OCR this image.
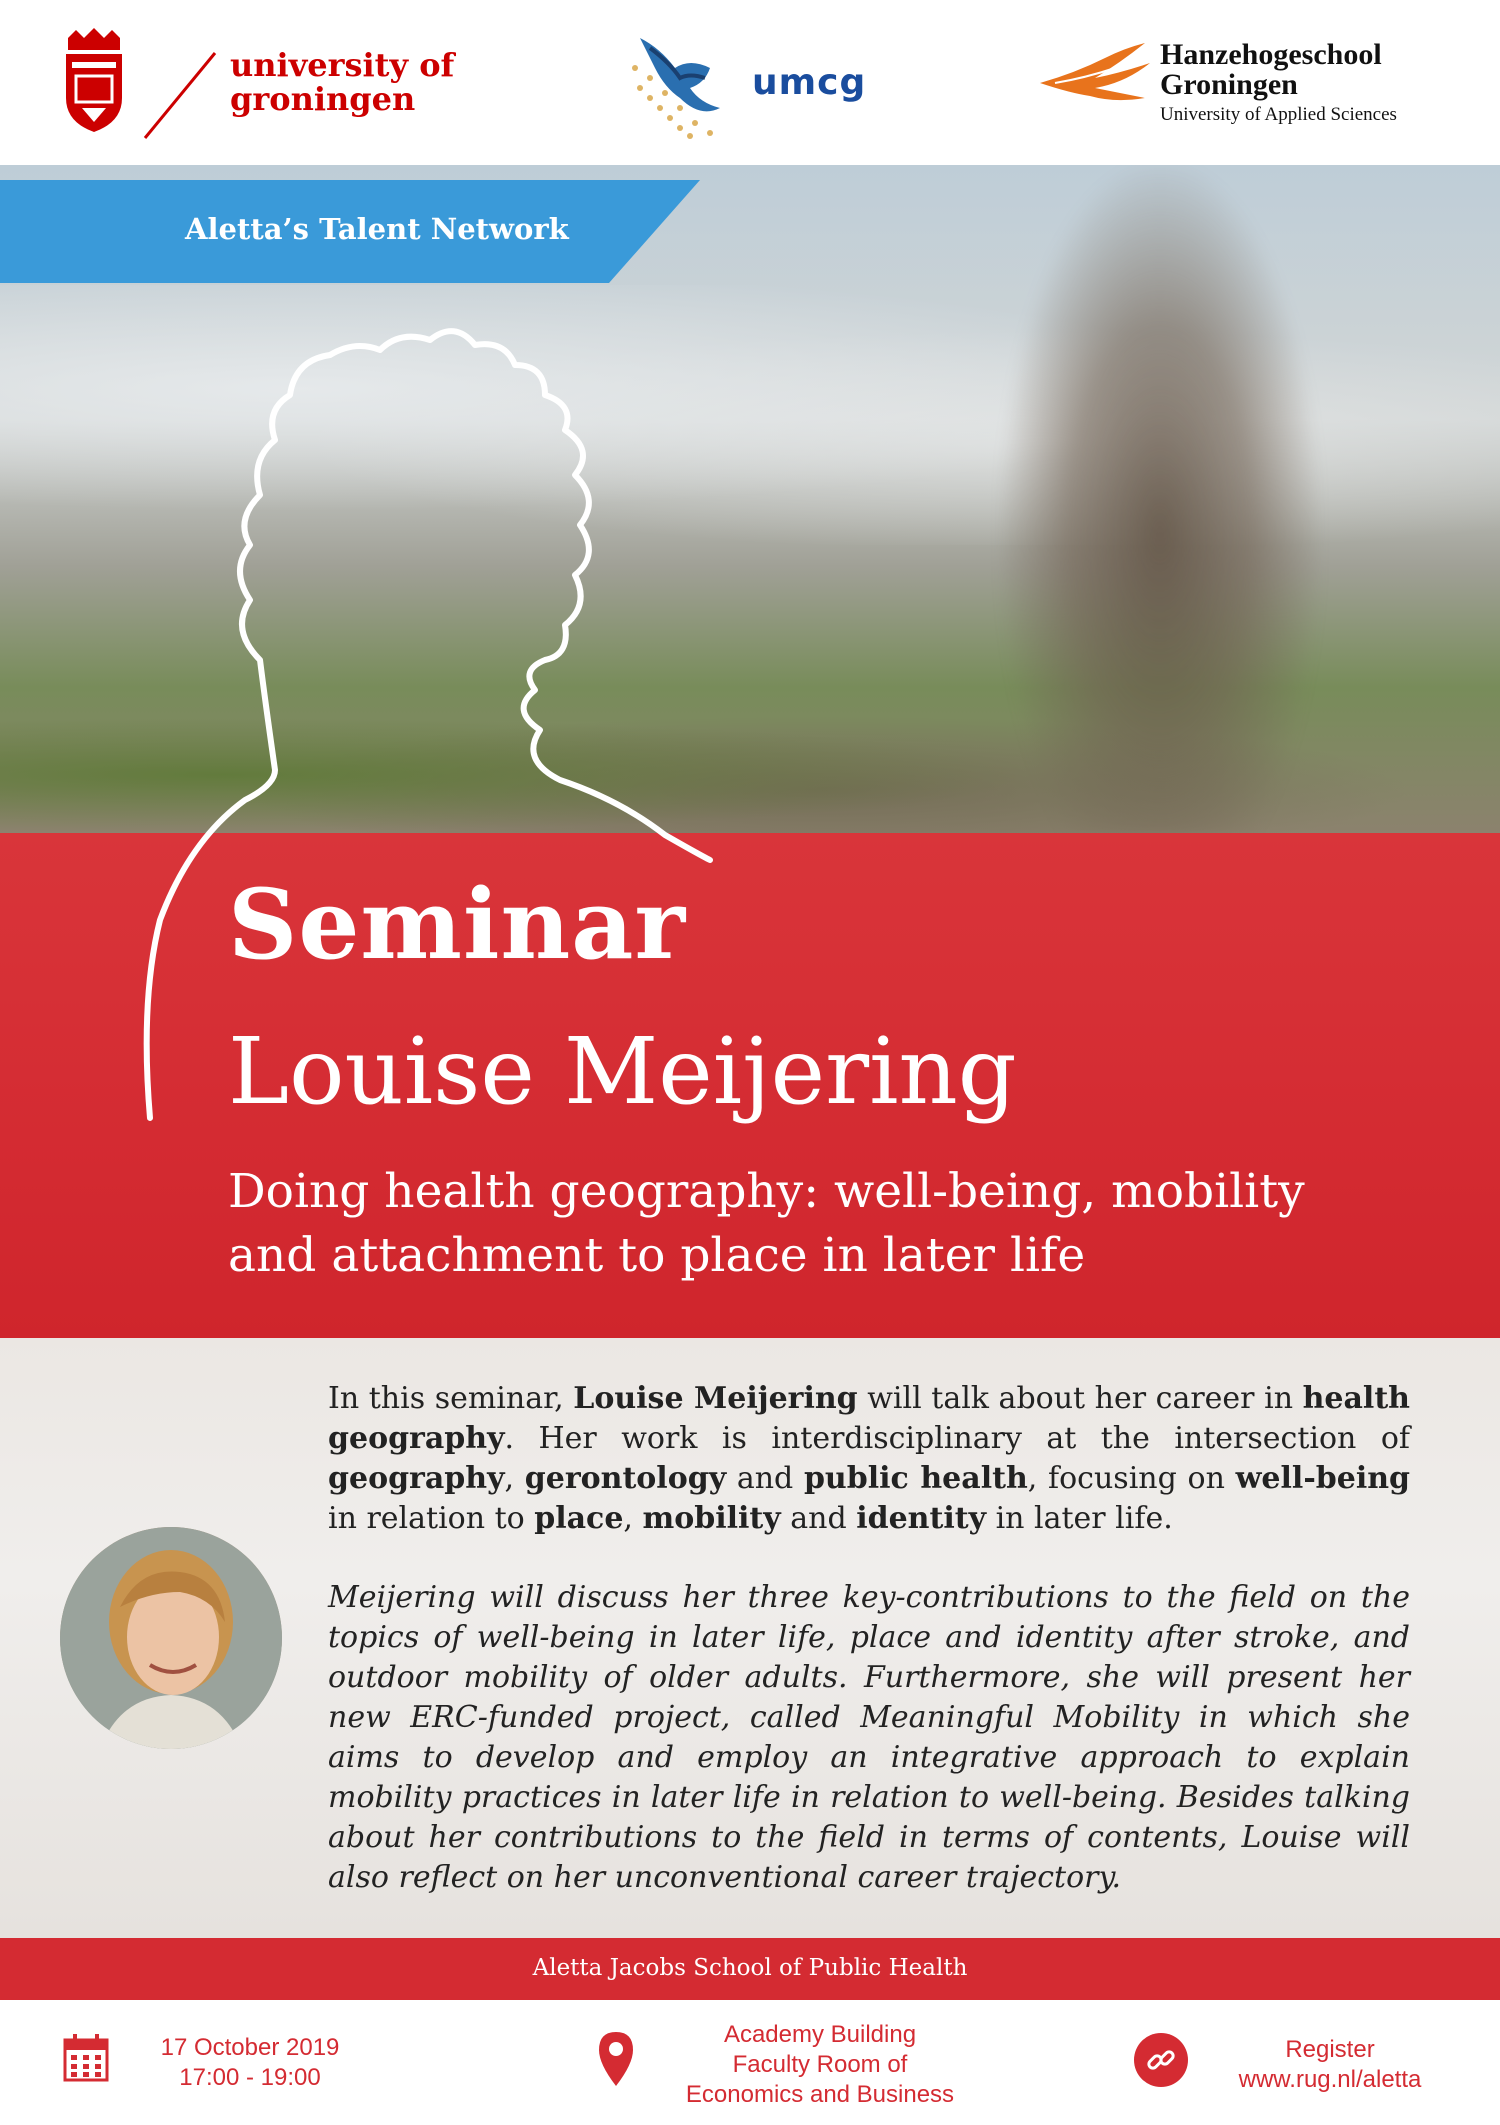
university of
groningen	umcg
Hanzehogeschool
Groningen
University of Applied Sciences
Aletta’s Talent Network
Seminar
Louise Meijering
Doing health geography: well-being, mobility
and attachment to place in later life
In this seminar, Louise Meijering will talk about her career in health geography. Her work is interdisciplinary at the intersection of geography, gerontology and public health, focusing on well-being in relation to place, mobility and identity in later life.
Meijering will discuss her three key-contributions to the field on the topics of well-being in later life, place and identity after stroke, and outdoor mobility of older adults. Furthermore, she will present her new ERC-funded project, called Meaningful Mobility in which she aims to develop and employ an integrative approach to explain mobility practices in later life in relation to well-being. Besides talking about her contributions to the field in terms of contents, Louise will also reflect on her unconventional career trajectory.
Aletta Jacobs School of Public Health
17 October 2019
17:00 - 19:00
Academy Building
Faculty Room of
Economics and Business
Register
www.rug.nl/aletta
